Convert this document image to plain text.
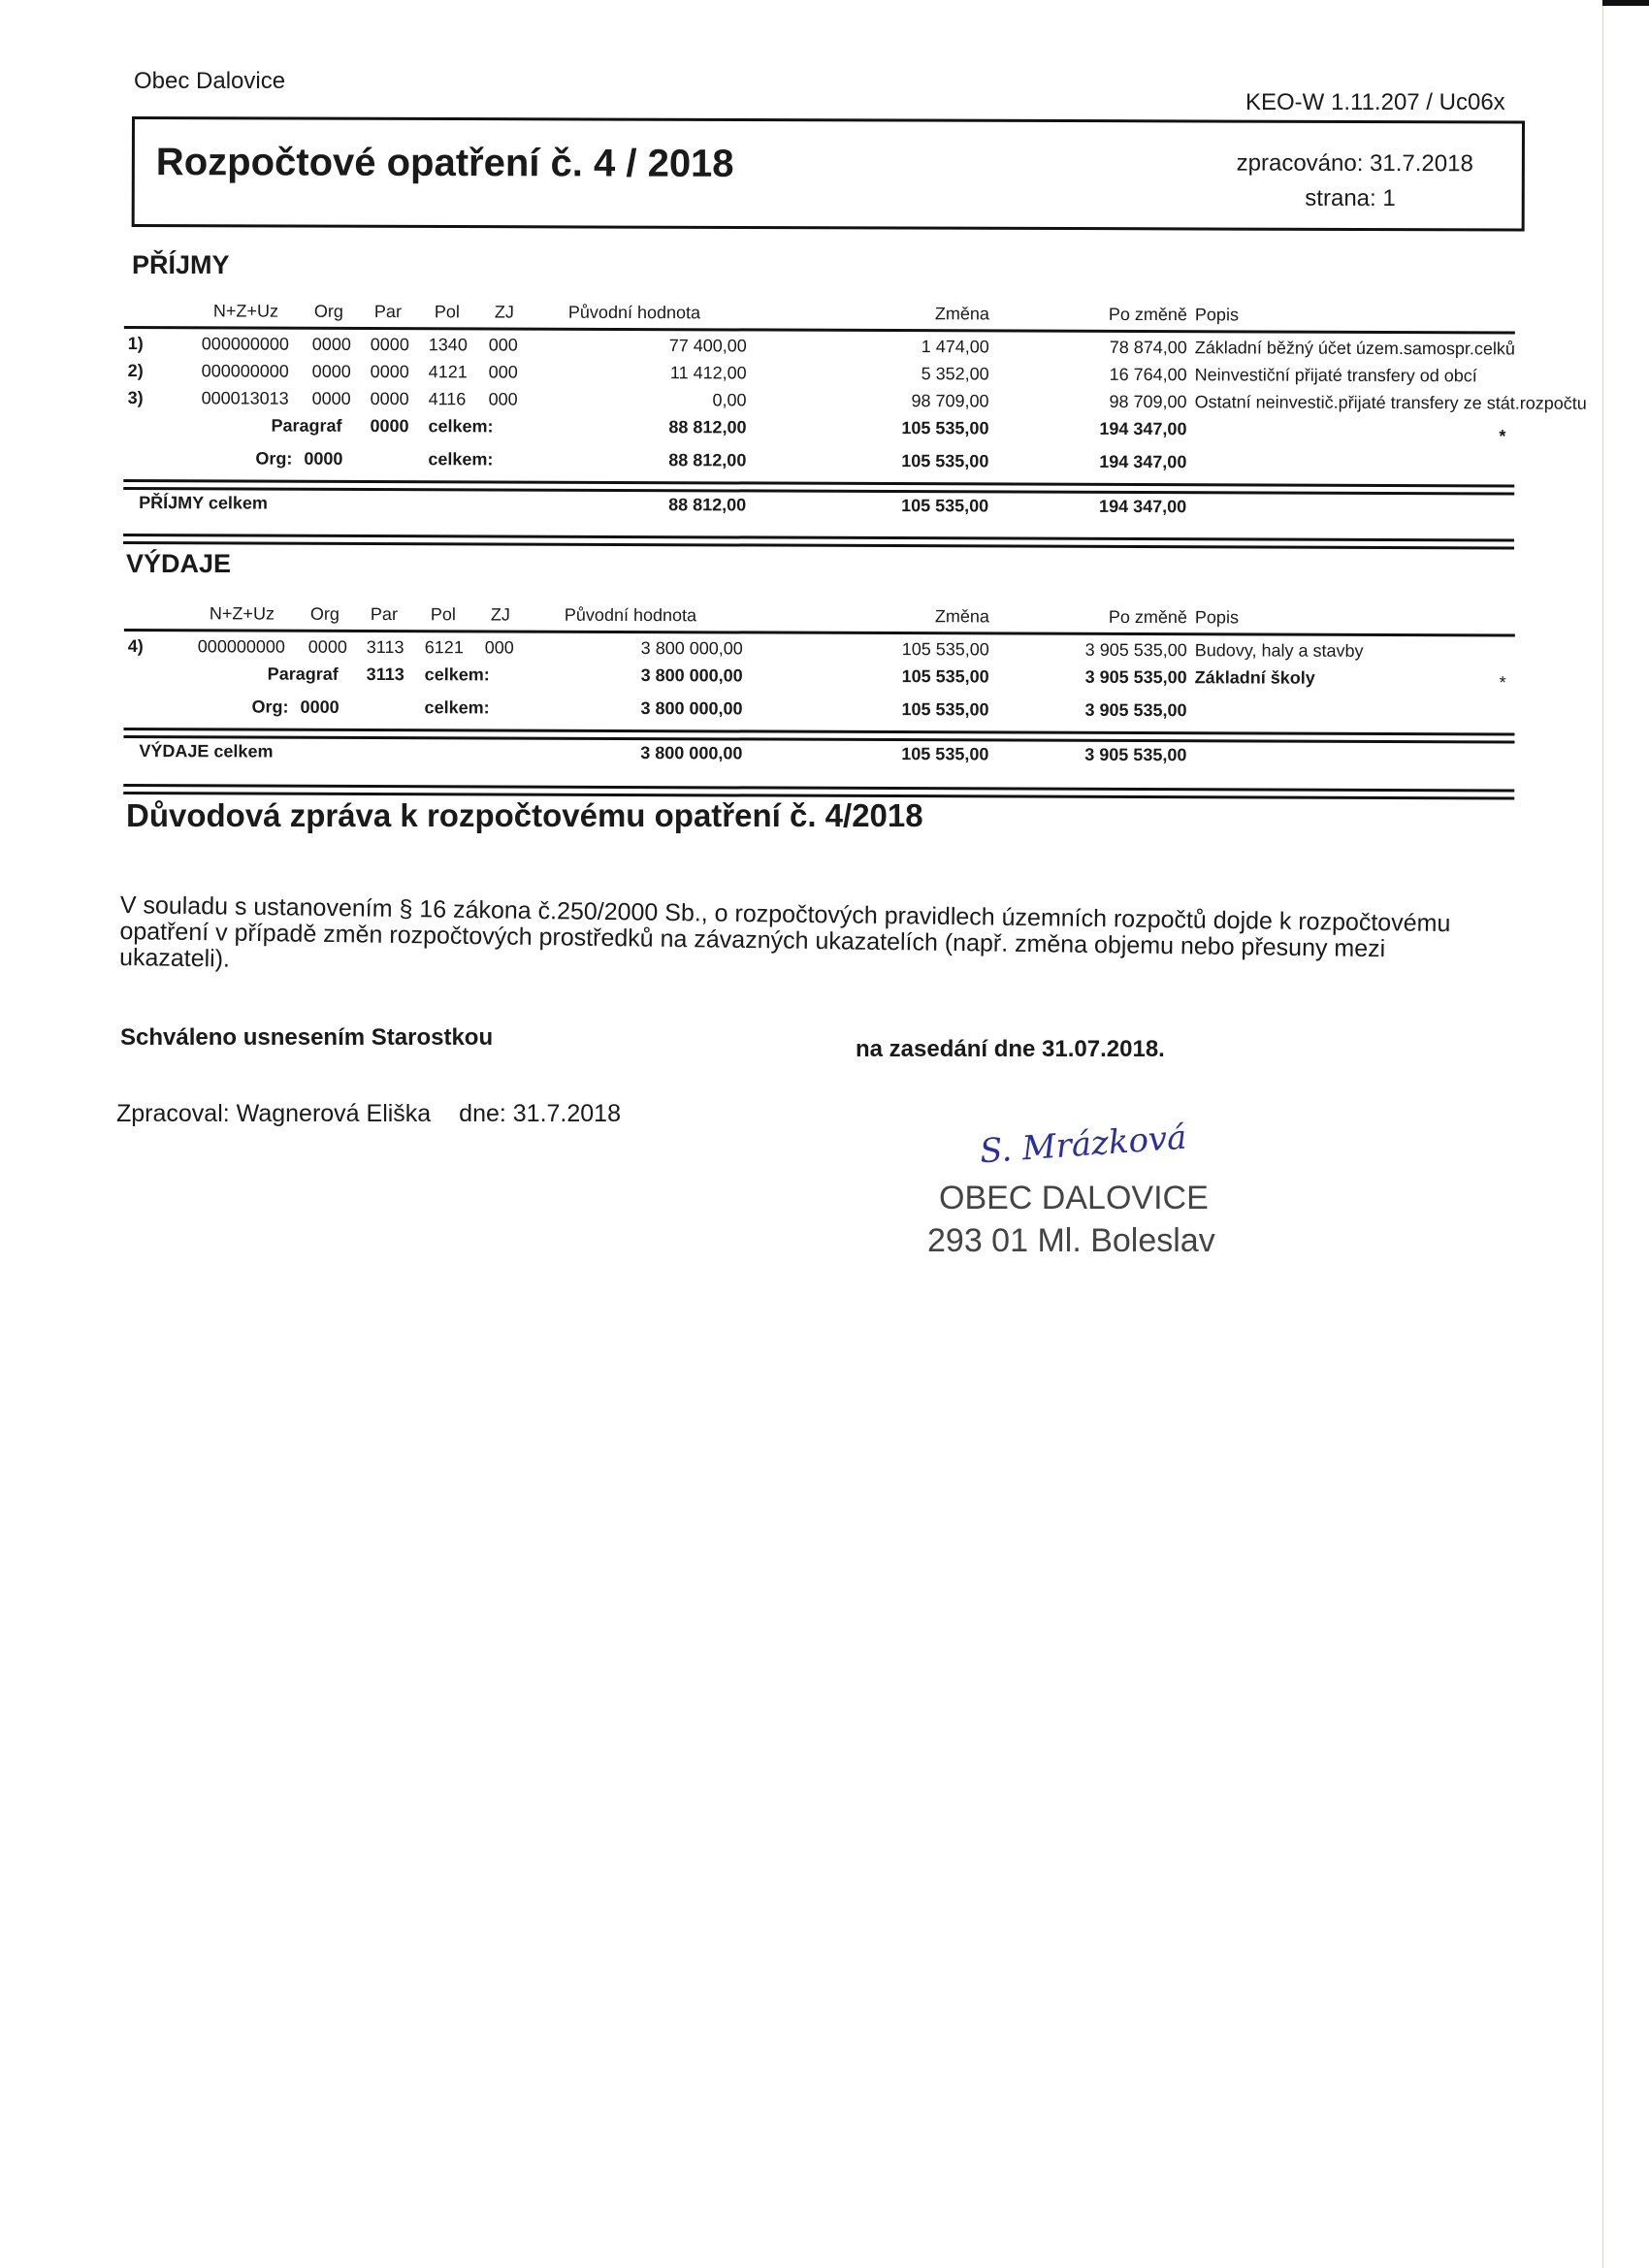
Obec Dalovice
KEO-W 1.11.207 / Uc06x
Rozpočtové opatření č. 4 / 2018	zpracováno: 31.7.2018
strana: 1
PŘÍJMY
N+Z+Uz Org Par Pol ZJ	Původní hodnota	Změna	Po změně Popis
1)	000000000 0000 0000 1340 000	77 400,00	1 474,00	78 874,00 Základní běžný účet územ.samospr.celků
2)	000000000 0000 0000 4121 000	11 412,00	5 352,00	16 764,00 Neinvestiční přijaté transfery od obcí
3)	000013013 0000 0000 4116 000	0,00	98 709,00	98 709,00 Ostatní neinvestič.přijaté transfery ze stát.rozpočtu
Paragraf 0000 celkem:	88 812,00	105 535,00	194 347,00	*
Org: 0000	celkem:	88 812,00	105 535,00	194 347,00
PŘÍJMY celkem	88 812,00	105 535,00	194 347,00
VÝDAJE
N+Z+Uz Org Par Pol ZJ	Původní hodnota	Změna	Po změně Popis
4)	000000000 0000 3113 6121 000	3 800 000,00	105 535,00	3 905 535,00 Budovy, haly a stavby
Paragraf 3113 celkem:	3 800 000,00	105 535,00	3 905 535,00 Základní školy	*
Org: 0000	celkem:	3 800 000,00	105 535,00	3 905 535,00
VÝDAJE celkem	3 800 000,00	105 535,00	3 905 535,00
Důvodová zpráva k rozpočtovému opatření č. 4/2018
V souladu s ustanovením § 16 zákona č.250/2000 Sb., o rozpočtových pravidlech územních rozpočtů dojde k rozpočtovému opatření v případě změn rozpočtových prostředků na závazných ukazatelích (např. změna objemu nebo přesuny mezi ukazateli).
Schváleno usnesením Starostkou	na zasedání dne 31.07.2018.
Zpracoval: Wagnerová Eliška dne: 31.7.2018
S. Mrázková
OBEC DALOVICE
293 01 Ml. Boleslav
